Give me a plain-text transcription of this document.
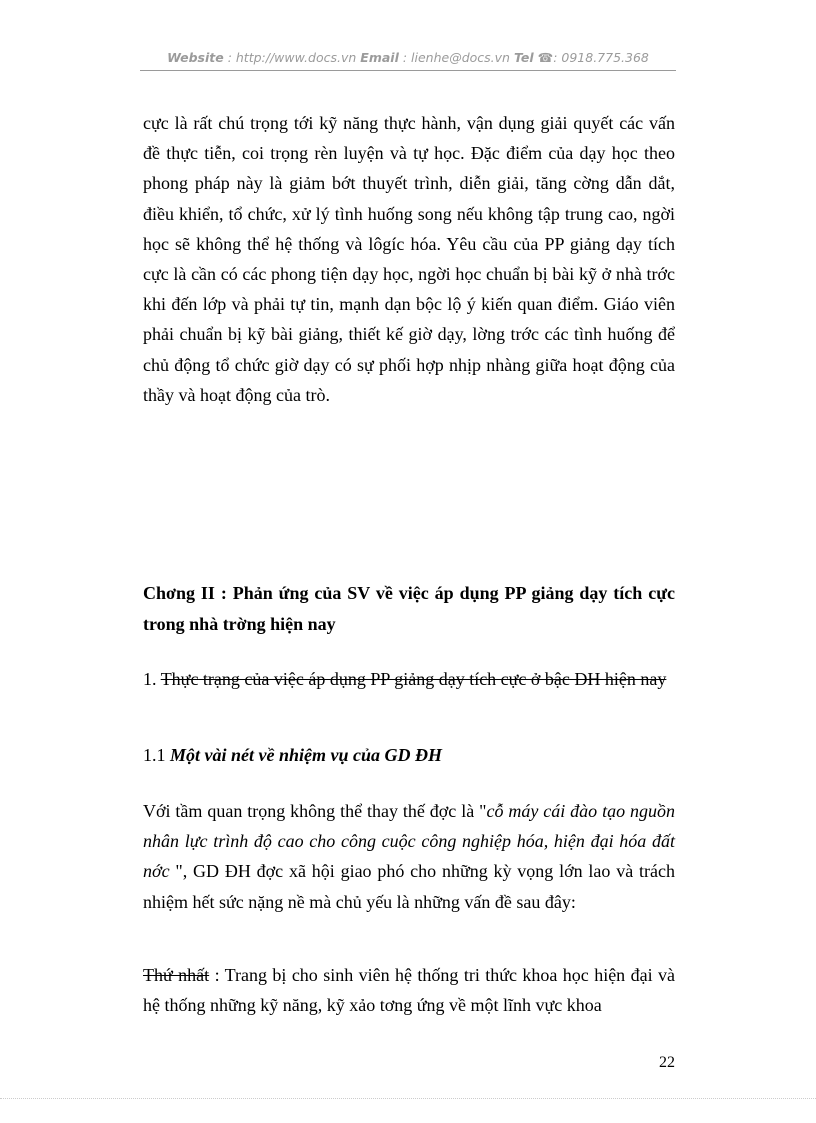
Website : http://www.docs.vn Email : lienhe@docs.vn Tel ☎: 0918.775.368
cực là rất chú trọng tới kỹ năng thực hành, vận dụng giải quyết các vấn đề thực tiễn, coi trọng rèn luyện và tự học. Đặc điểm của dạy học theo phong pháp này là giảm bớt thuyết trình, diễn giải, tăng cờng dẫn dắt, điều khiển, tổ chức, xử lý tình huống song nếu không tập trung cao, ngời học sẽ không thể hệ thống và lôgíc hóa. Yêu cầu của PP giảng dạy tích cực là cần có các phong tiện dạy học, ngời học chuẩn bị bài kỹ ở nhà trớc khi đến lớp và phải tự tin, mạnh dạn bộc lộ ý kiến quan điểm. Giáo viên phải chuẩn bị kỹ bài giảng, thiết kế giờ dạy, lờng trớc các tình huống để chủ động tổ chức giờ dạy có sự phối hợp nhịp nhàng giữa hoạt động của thầy và hoạt động của trò.
Chơng II : Phản ứng của SV về việc áp dụng PP giảng dạy tích cực trong nhà trờng hiện nay
1. Thực trạng của việc áp dụng PP giảng dạy tích cực ở bậc ĐH hiện nay
1.1 Một vài nét về nhiệm vụ của GD ĐH
Với tầm quan trọng không thể thay thế đợc là "cỗ máy cái đào tạo nguồn nhân lực trình độ cao cho công cuộc công nghiệp hóa, hiện đại hóa đất nớc ", GD ĐH đợc xã hội giao phó cho những kỳ vọng lớn lao và trách nhiệm hết sức nặng nề mà chủ yếu là những vấn đề sau đây:
Thứ nhất : Trang bị cho sinh viên hệ thống tri thức khoa học hiện đại và hệ thống những kỹ năng, kỹ xảo tơng ứng về một lĩnh vực khoa
22
